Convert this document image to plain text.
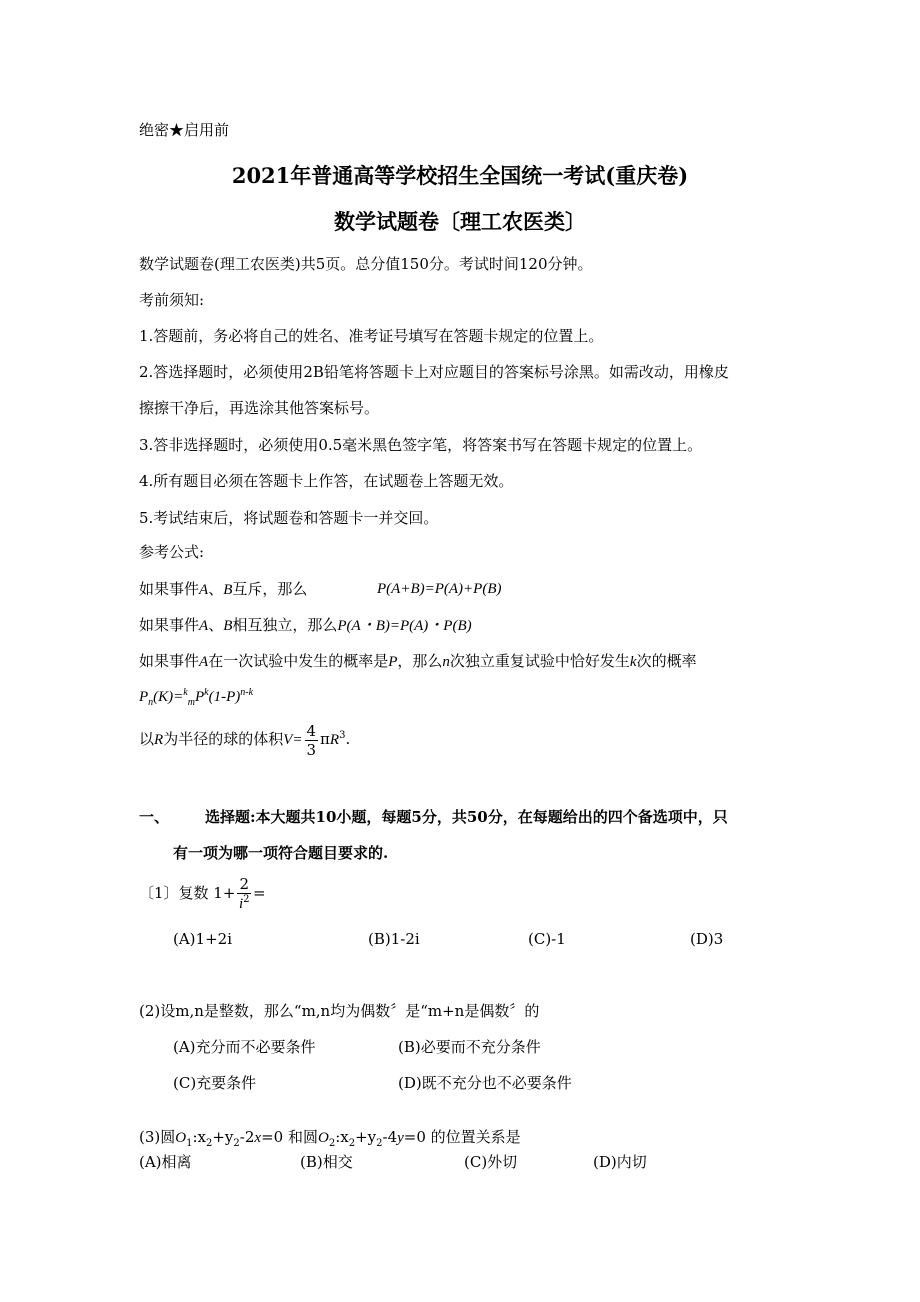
绝密★启用前
2021年普通高等学校招生全国统一考试(重庆卷)
数学试题卷〔理工农医类〕
数学试题卷(理工农医类)共5页。总分值150分。考试时间120分钟。
考前须知:
1.答题前，务必将自己的姓名、准考证号填写在答题卡规定的位置上。
2.答选择题时，必须使用2B铅笔将答题卡上对应题目的答案标号涂黑。如需改动，用橡皮
擦擦干净后，再选涂其他答案标号。
3.答非选择题时，必须使用0.5毫米黑色签字笔，将答案书写在答题卡规定的位置上。
4.所有题目必须在答题卡上作答，在试题卷上答题无效。
5.考试结束后，将试题卷和答题卡一并交回。
参考公式:
如果事件A、B互斥，那么	P(A+B)=P(A)+P(B)
如果事件A、B相互独立，那么P(A・B)=P(A)・P(B)
如果事件A在一次试验中发生的概率是P，那么n次独立重复试验中恰好发生k次的概率
$P_n(K)=^k_mP^k(1-P)^{n-k}$
以R为半径的球的体积$V= \frac{4}{3} \pi R^3$.
一、 选择题:本大题共10小题，每题5分，共50分，在每题给出的四个备选项中，只
有一项为哪一项符合题目要求的.
〔1〕复数 $1+ \frac{2}{i^2}$ =
(A)1+2i	(B)1-2i	(C)-1	(D)3
(2)设m,n是整数，那么“m,n均为偶数〞是“m+n是偶数〞的
(A)充分而不必要条件	(B)必要而不充分条件
(C)充要条件	(D)既不充分也不必要条件
(3)圆$O_1:x_2+y_2-2x=0$ 和圆$O_2:x_2+y_2-4y=0$ 的位置关系是
(A)相离	(B)相交	(C)外切	(D)内切
